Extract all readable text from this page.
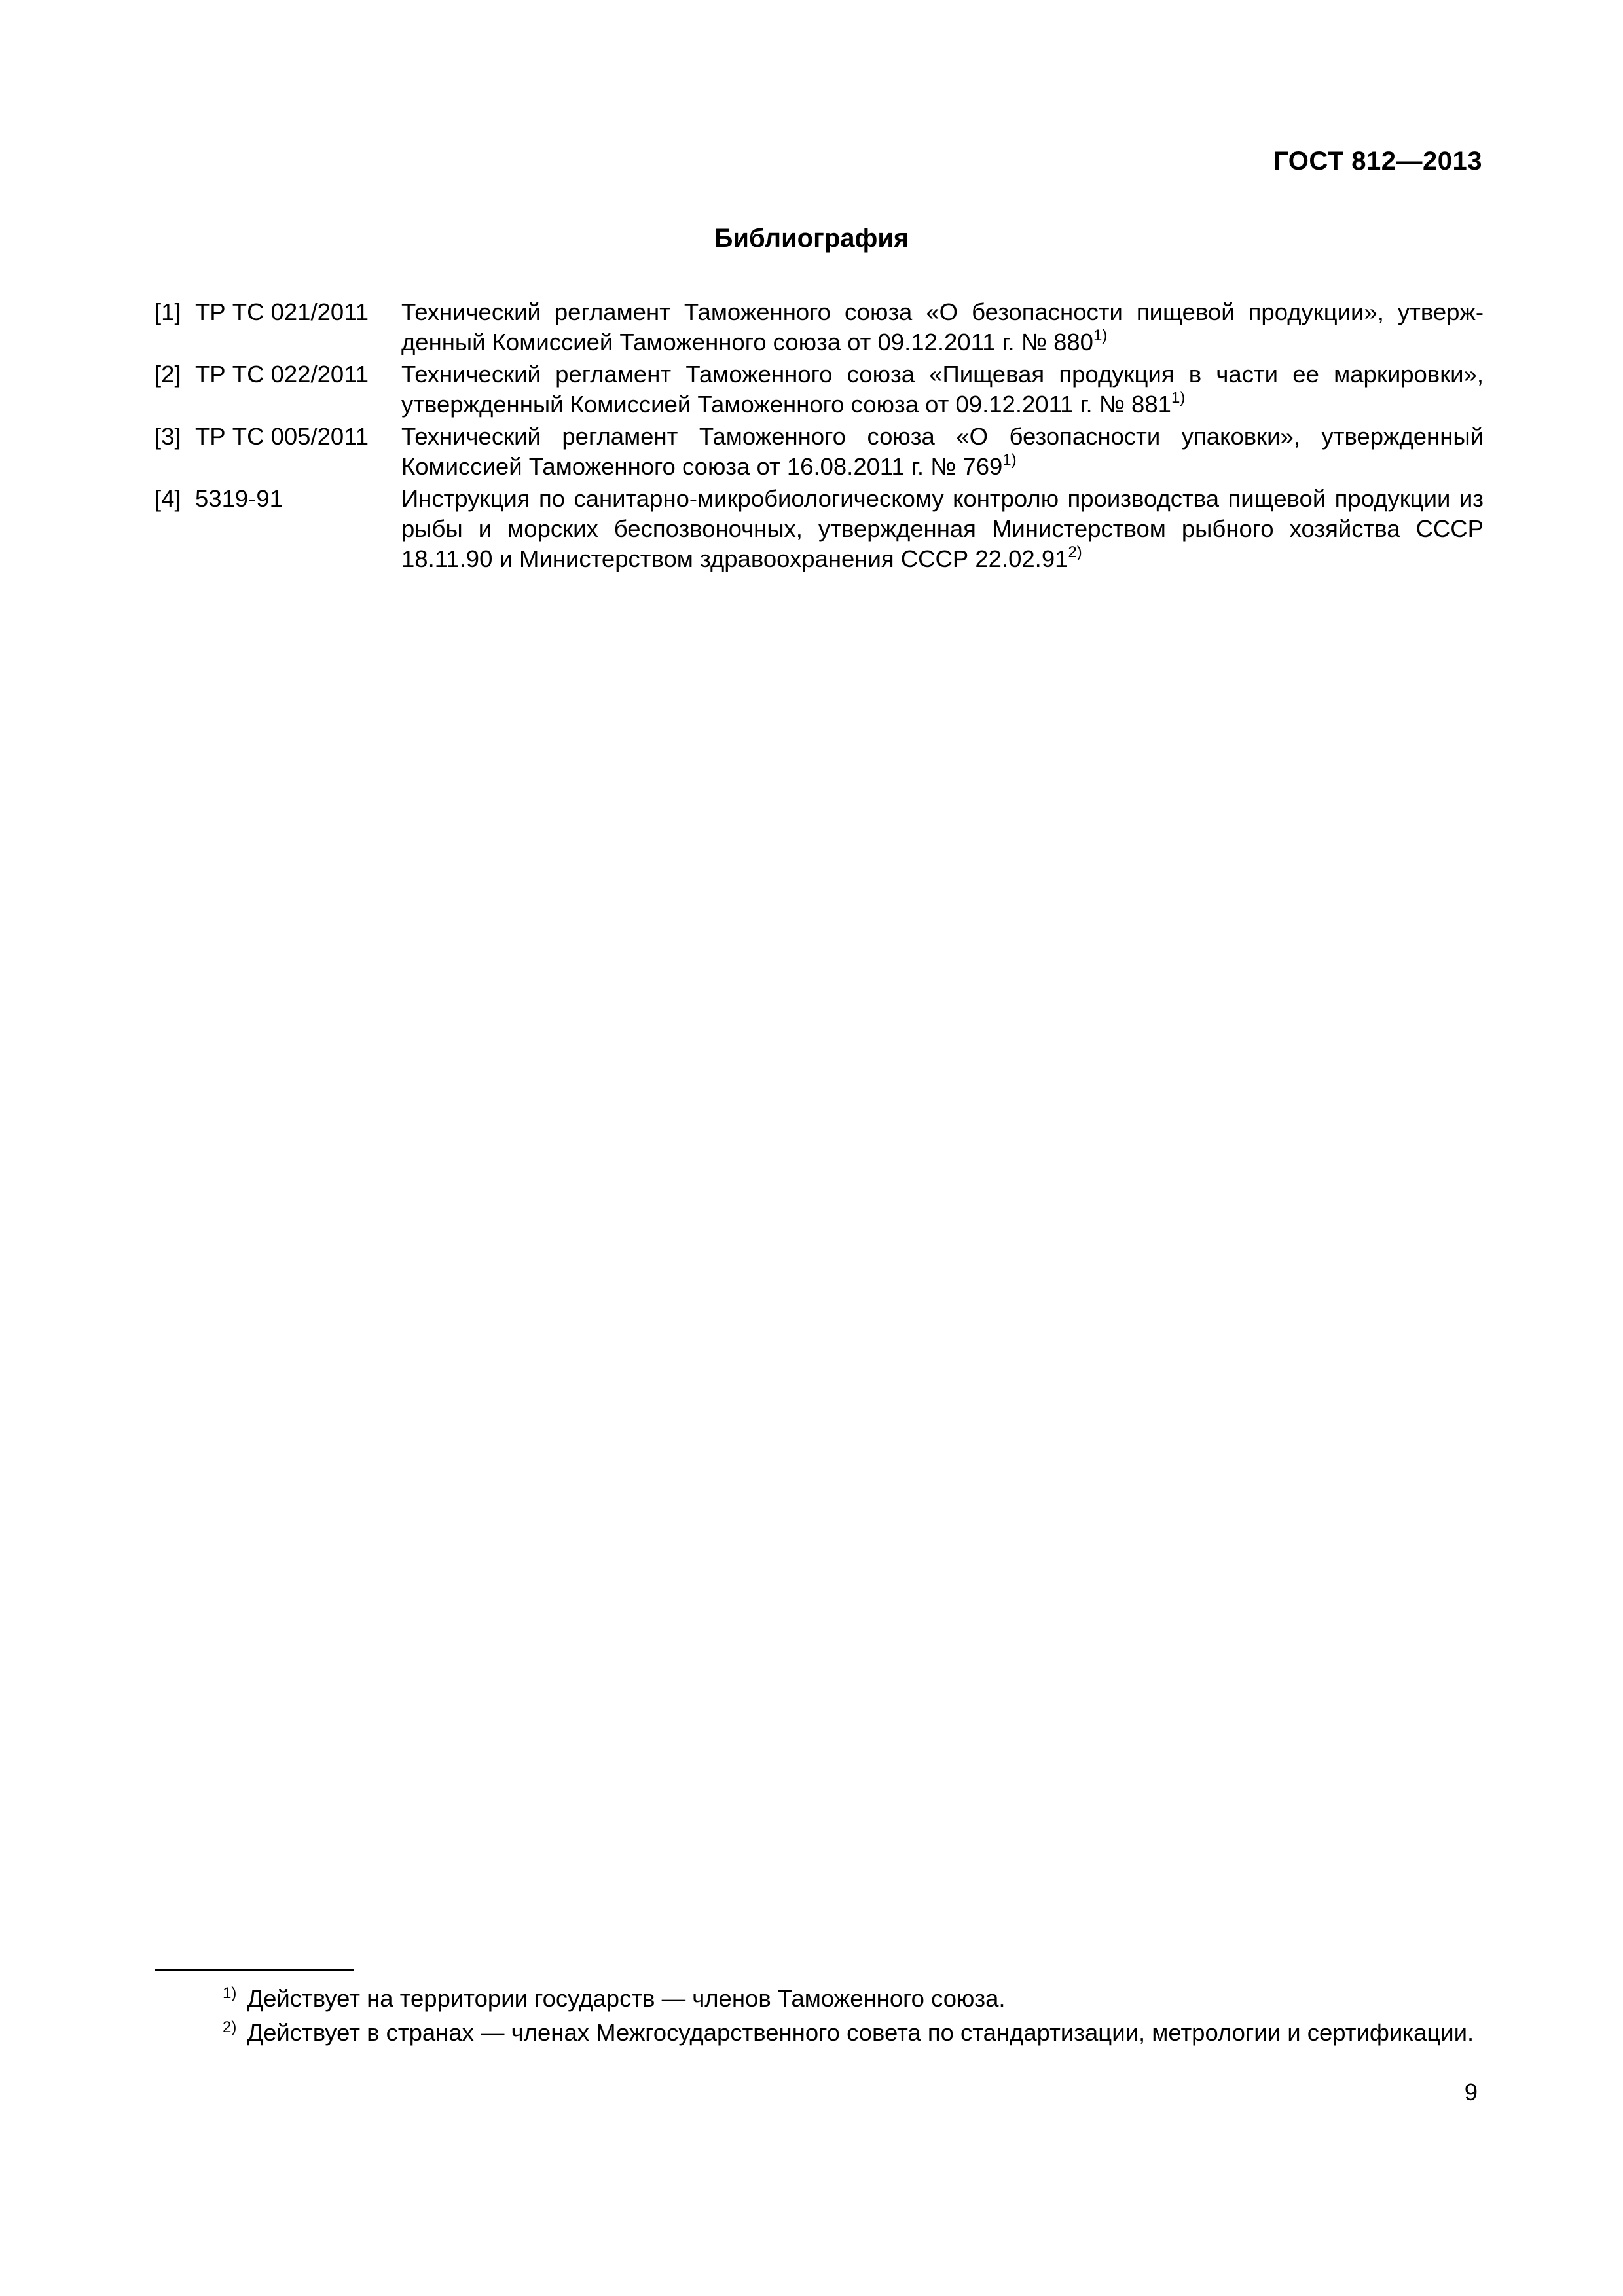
ГОСТ 812—2013
Библиография
[1] ТР ТС 021/2011	Технический регламент Таможенного союза «О безопасности пищевой продукции», утвержденный Комиссией Таможенного союза от 09.12.2011 г. № 880$^{1)}$
[2] ТР ТС 022/2011	Технический регламент Таможенного союза «Пищевая продукция в части ее маркировки», утвержденный Комиссией Таможенного союза от 09.12.2011 г. № 881$^{1)}$
[3] ТР ТС 005/2011	Технический регламент Таможенного союза «О безопасности упаковки», утвержденный Комиссией Таможенного союза от 16.08.2011 г. № 769$^{1)}$
[4] 5319-91	Инструкция по санитарно-микробиологическому контролю производства пищевой продукции из рыбы и морских беспозвоночных, утвержденная Министерством рыбного хозяйства СССР 18.11.90 и Министерством здравоохранения СССР 22.02.91$^{2)}$
$^{1)}$ Действует на территории государств — членов Таможенного союза.
$^{2)}$ Действует в странах — членах Межгосударственного совета по стандартизации, метрологии и сертификации.
9
